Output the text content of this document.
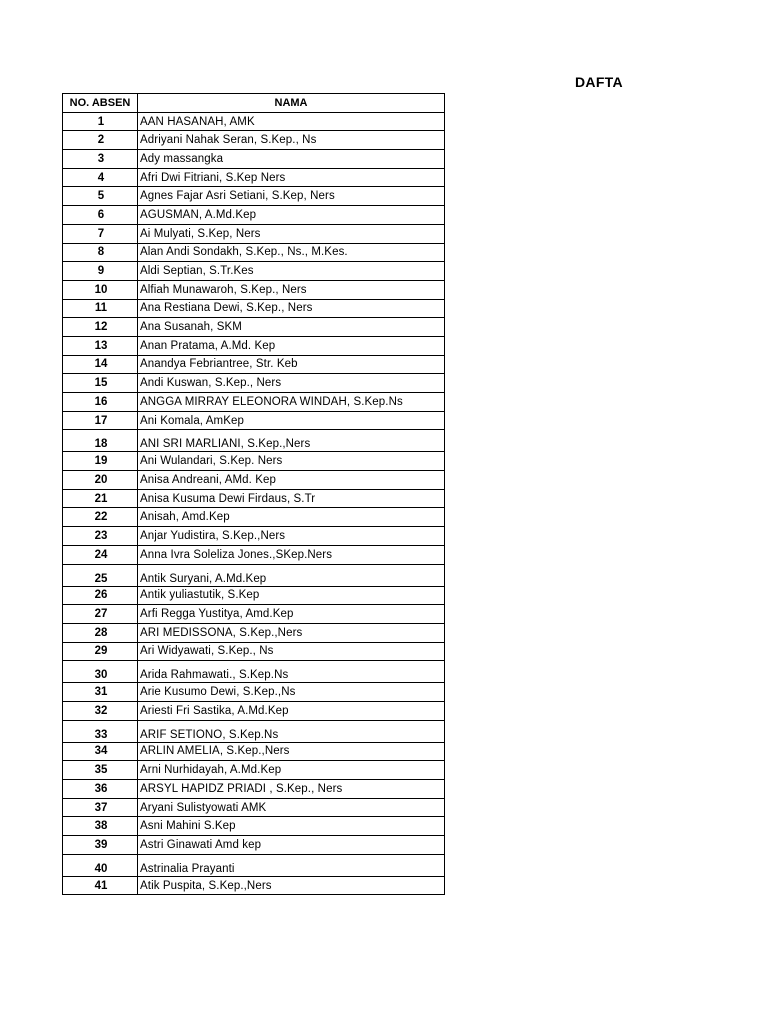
DAFTA
NO. ABSEN	NAMA
1	AAN HASANAH, AMK
2	Adriyani Nahak Seran, S.Kep., Ns
3	Ady massangka
4	Afri Dwi Fitriani, S.Kep Ners
5	Agnes Fajar Asri Setiani, S.Kep, Ners
6	AGUSMAN, A.Md.Kep
7	Ai Mulyati, S.Kep, Ners
8	Alan Andi Sondakh, S.Kep., Ns., M.Kes.
9	Aldi Septian, S.Tr.Kes
10	Alfiah Munawaroh, S.Kep., Ners
11	Ana Restiana Dewi, S.Kep., Ners
12	Ana Susanah, SKM
13	Anan Pratama, A.Md. Kep
14	Anandya Febriantree, Str. Keb
15	Andi Kuswan, S.Kep., Ners
16	ANGGA MIRRAY ELEONORA WINDAH, S.Kep.Ns
17	Ani Komala, AmKep
18	ANI SRI MARLIANI, S.Kep.,Ners
19	Ani Wulandari, S.Kep. Ners
20	Anisa Andreani, AMd. Kep
21	Anisa Kusuma Dewi Firdaus, S.Tr
22	Anisah, Amd.Kep
23	Anjar Yudistira, S.Kep.,Ners
24	Anna Ivra Soleliza Jones.,SKep.Ners
25	Antik Suryani, A.Md.Kep
26	Antik yuliastutik, S.Kep
27	Arfi Regga Yustitya, Amd.Kep
28	ARI MEDISSONA, S.Kep.,Ners
29	Ari Widyawati, S.Kep., Ns
30	Arida Rahmawati., S.Kep.Ns
31	Arie Kusumo Dewi, S.Kep.,Ns
32	Ariesti Fri Sastika, A.Md.Kep
33	ARIF SETIONO, S.Kep.Ns
34	ARLIN AMELIA, S.Kep.,Ners
35	Arni Nurhidayah, A.Md.Kep
36	ARSYL HAPIDZ PRIADI , S.Kep., Ners
37	Aryani Sulistyowati AMK
38	Asni Mahini S.Kep
39	Astri Ginawati Amd kep
40	Astrinalia Prayanti
41	Atik Puspita, S.Kep.,Ners
